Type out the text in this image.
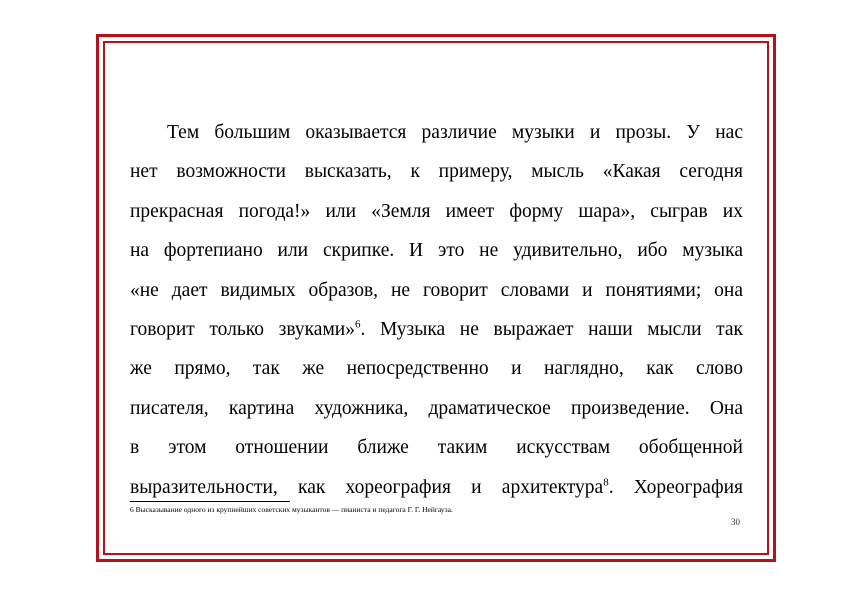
Тем большим оказывается различие музыки и прозы. У нас
нет возможности высказать, к примеру, мысль «Какая сегодня
прекрасная погода!» или «Земля имеет форму шара», сыграв их
на фортепиано или скрипке. И это не удивительно, ибо музыка
«не дает видимых образов, не говорит словами и понятиями; она
говорит только звуками»$^6$. Музыка не выражает наши мысли так
же прямо, так же непосредственно и наглядно, как слово
писателя, картина художника, драматическое произведение. Она
в этом отношении ближе таким искусствам обобщенной
выразительности, как хореография и архитектура$^8$. Хореография
6 Высказывание одного из крупнейших советских музыкантов — пианиста и педагога Г. Г. Нейгауза.
30
